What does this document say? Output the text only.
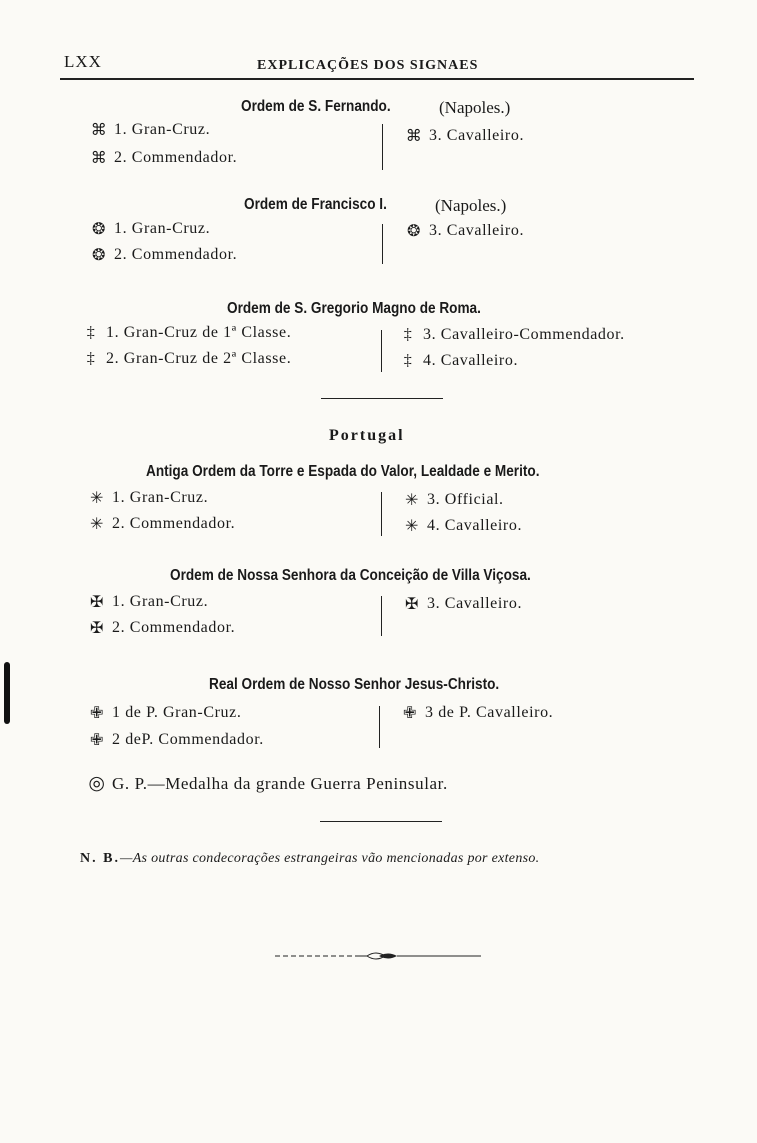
LXX	EXPLICAÇÕES DOS SIGNAES
Ordem de S. Fernando.	(Napoles.)
⌘ 1. Gran-Cruz.
⌘ 2. Commendador.
⌘ 3. Cavalleiro.
Ordem de Francisco I.	(Napoles.)
❂ 1. Gran-Cruz.
❂ 2. Commendador.
❂ 3. Cavalleiro.
Ordem de S. Gregorio Magno de Roma.
‡ 1. Gran-Cruz de 1ª Classe.
‡ 2. Gran-Cruz de 2ª Classe.
‡ 3. Cavalleiro-Commendador.
‡ 4. Cavalleiro.
Portugal
Antiga Ordem da Torre e Espada do Valor, Lealdade e Merito.
✳ 1. Gran-Cruz.
✳ 2. Commendador.
✳ 3. Official.
✳ 4. Cavalleiro.
Ordem de Nossa Senhora da Conceição de Villa Viçosa.
✠ 1. Gran-Cruz.
✠ 2. Commendador.
✠ 3. Cavalleiro.
Real Ordem de Nosso Senhor Jesus-Christo.
✙ 1 de P. Gran-Cruz.
✙ 2 deP. Commendador.
✙ 3 de P. Cavalleiro.
◎ G. P.—Medalha da grande Guerra Peninsular.
N. B.—As outras condecorações estrangeiras vão mencionadas por extenso.
